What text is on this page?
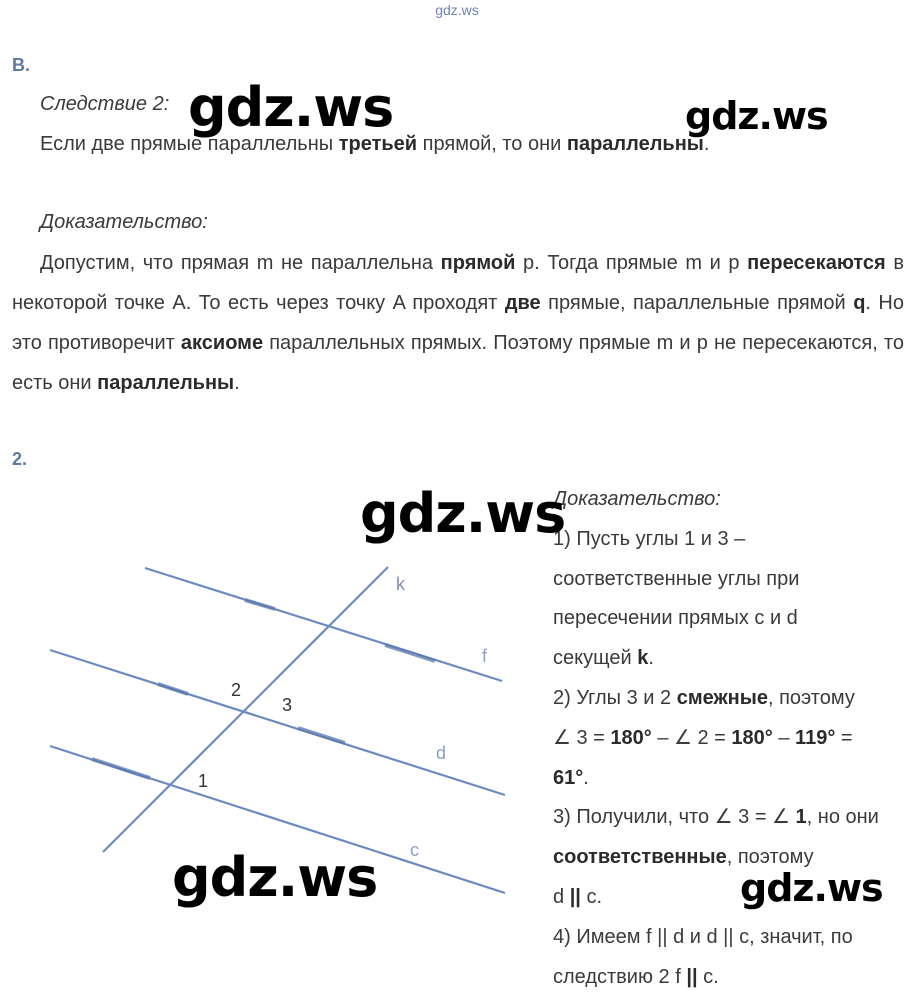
gdz.ws
В.
Следствие 2:
Если две прямые параллельны третьей прямой, то они параллельны.
Доказательство:

Допустим, что прямая m не параллельна прямой p. Тогда прямые m и p пересекаются в некоторой точке A. То есть через точку A проходят две прямые, параллельные прямой q. Но это противоречит аксиоме параллельных прямых. Поэтому прямые m и p не пересекаются, то есть они параллельны.

2.
k
f
d
c
2
3
1
Доказательство:
1) Пусть углы 1 и 3 –
соответственные углы при
пересечении прямых c и d
секущей k.
2) Углы 3 и 2 смежные, поэтому
∠ 3 = 180° – ∠ 2 = 180° – 119° =
61°.
3) Получили, что ∠ 3 = ∠ 1, но они
соответственные, поэтому
d || c.
4) Имеем f || d и d || c, значит, по
следствию 2 f || c.
gdz.ws	gdz.ws
gdz.ws
gdz.ws	gdz.ws
